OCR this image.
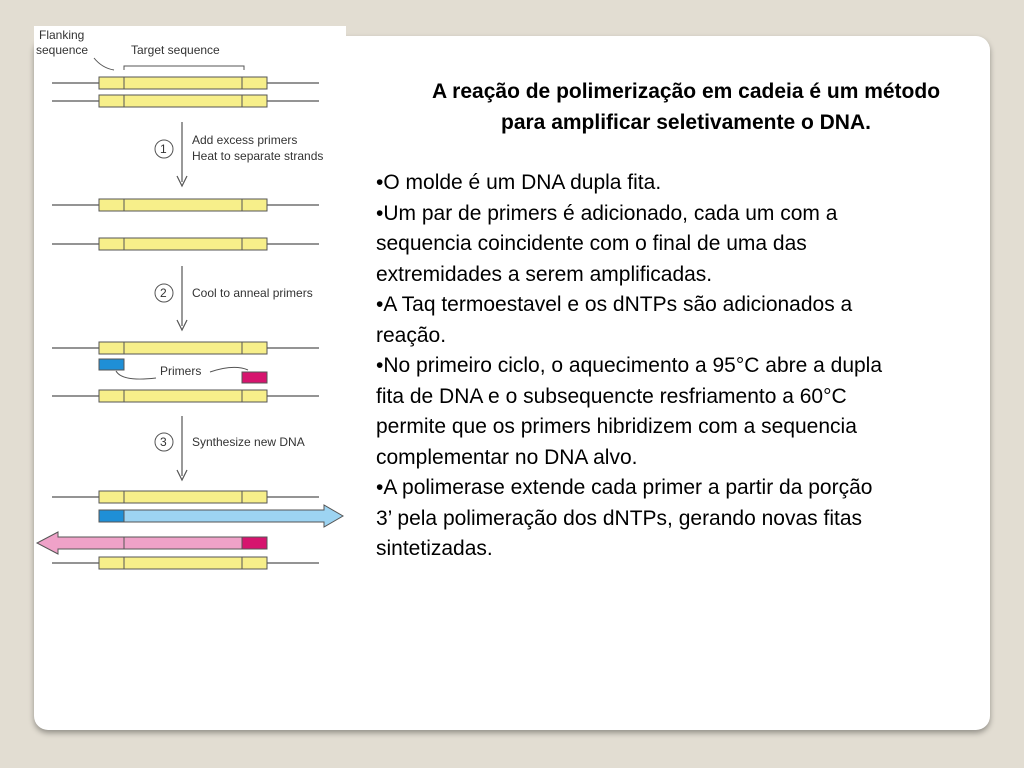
Flanking
sequence	Target sequence
1
Add excess primers
Heat to separate strands
2 Cool to anneal primers
Primers
3 Synthesize new DNA
A reação de polimerização em cadeia é um método
para amplificar seletivamente o DNA.
•O molde é um DNA dupla fita.
•Um par de primers é adicionado, cada um com a
sequencia coincidente com o final de uma das
extremidades a serem amplificadas.
•A Taq termoestavel e os dNTPs são adicionados a
reação.
•No primeiro ciclo, o aquecimento a 95°C abre a dupla
fita de DNA e o subsequencte resfriamento a 60°C
permite que os primers hibridizem com a sequencia
complementar no DNA alvo.
•A polimerase extende cada primer a partir da porção
3’ pela polimeração dos dNTPs, gerando novas fitas
sintetizadas.
